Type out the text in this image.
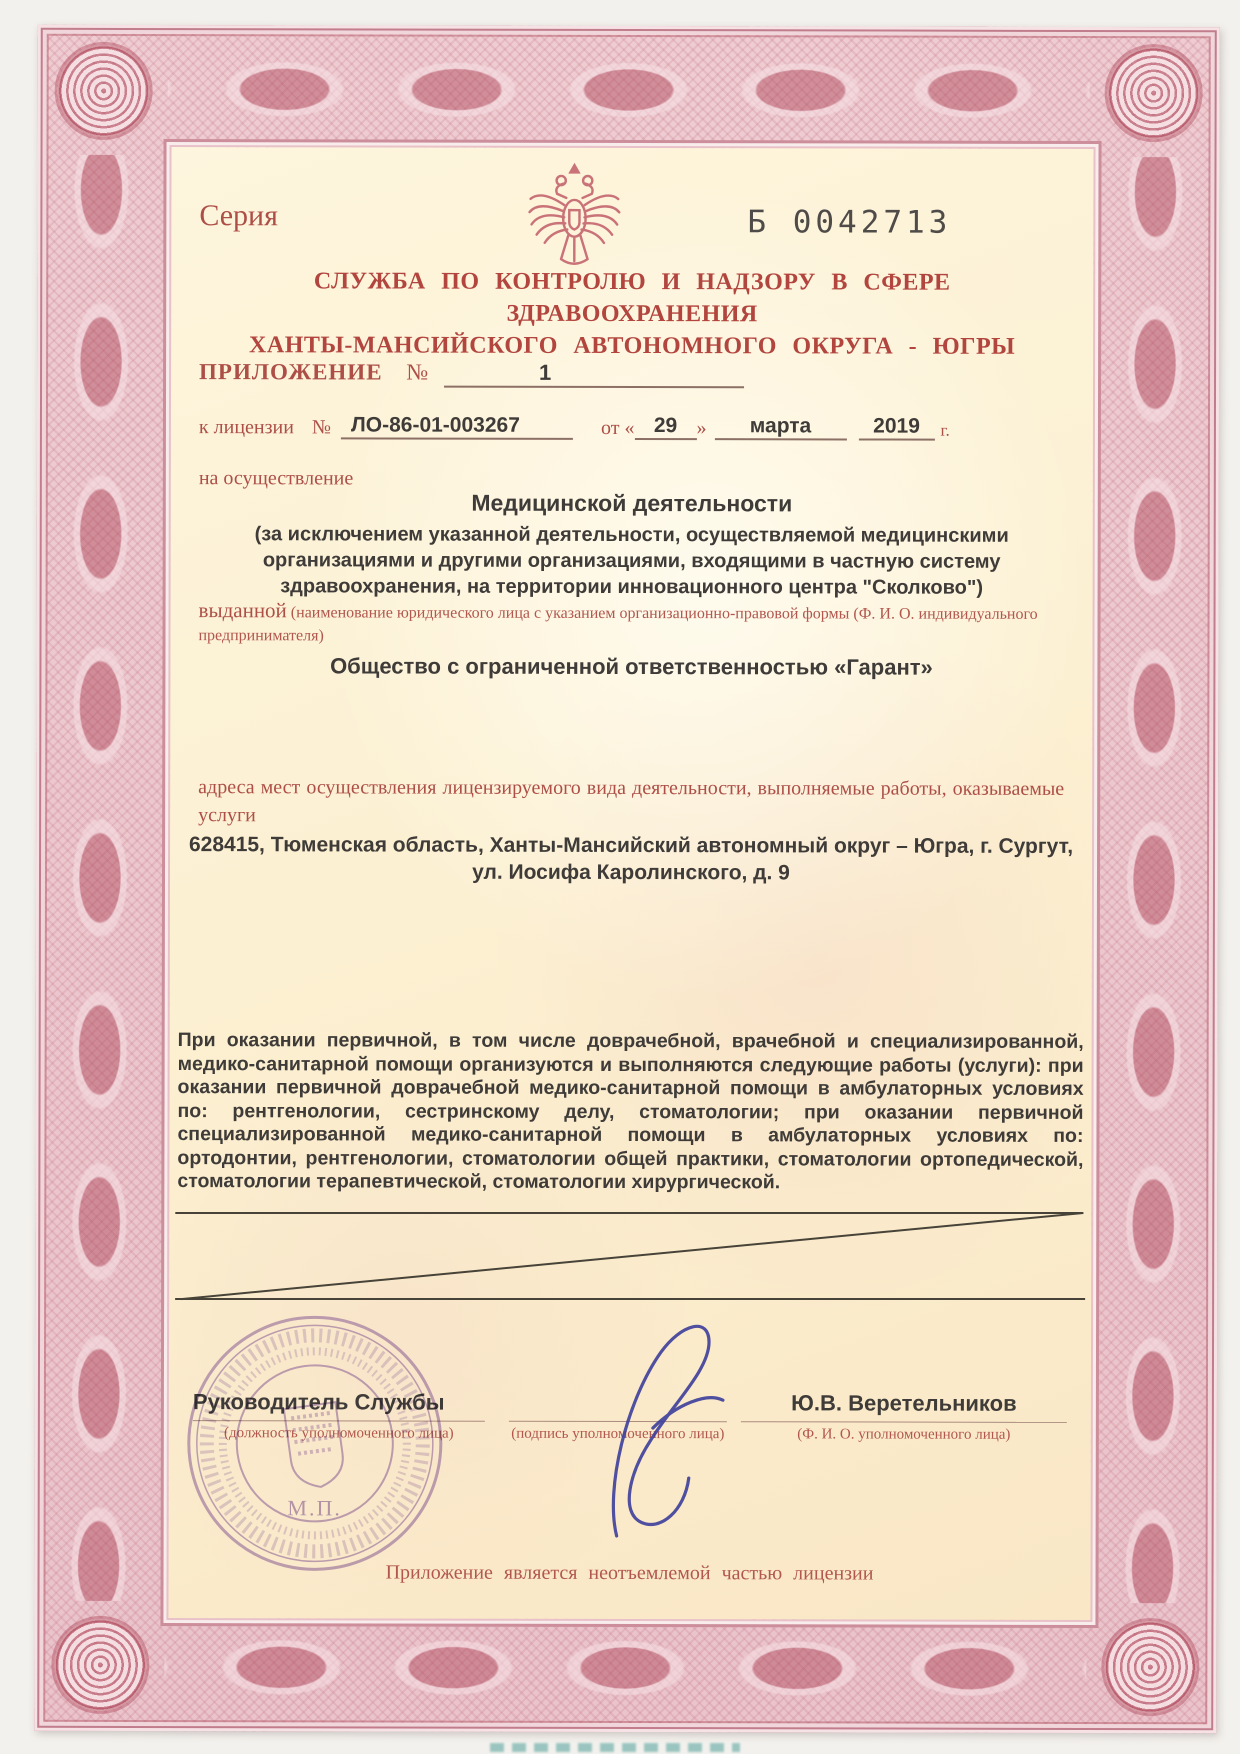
Серия	Б 0042713
СЛУЖБА ПО КОНТРОЛЮ И НАДЗОРУ В СФЕРЕ ЗДРАВООХРАНЕНИЯ
ХАНТЫ-МАНСИЙСКОГО АВТОНОМНОГО ОКРУГА - ЮГРЫ
ПРИЛОЖЕНИЕ №	1
к лицензии № ЛО-86-01-003267	от « 29 »	марта	2019	г.
на осуществление
Медицинской деятельности
(за исключением указанной деятельности, осуществляемой медицинскими организациями и другими организациями, входящими в частную систему здравоохранения, на территории инновационного центра "Сколково")
выданной (наименование юридического лица с указанием организационно-правовой формы (Ф. И. О. индивидуального предпринимателя)
Общество с ограниченной ответственностью «Гарант»
адреса мест осуществления лицензируемого вида деятельности, выполняемые работы, оказываемые услуги
628415, Тюменская область, Ханты-Мансийский автономный округ – Югра, г. Сургут,
ул. Иосифа Каролинского, д. 9
При оказании первичной, в том числе доврачебной, врачебной и специализированной, медико-санитарной помощи организуются и выполняются следующие работы (услуги): при оказании первичной доврачебной медико-санитарной помощи в амбулаторных условиях по: рентгенологии, сестринскому делу, стоматологии; при оказании первичной специализированной медико-санитарной помощи в амбулаторных условиях по: ортодонтии, рентгенологии, стоматологии общей практики, стоматологии ортопедической, стоматологии терапевтической, стоматологии хирургической.
Руководитель Службы
(должность уполномоченного лица)
	(подпись уполномоченного лица)
Ю.В. Веретельников
(Ф. И. О. уполномоченного лица)
М.П.
Приложение является неотъемлемой частью лицензии
